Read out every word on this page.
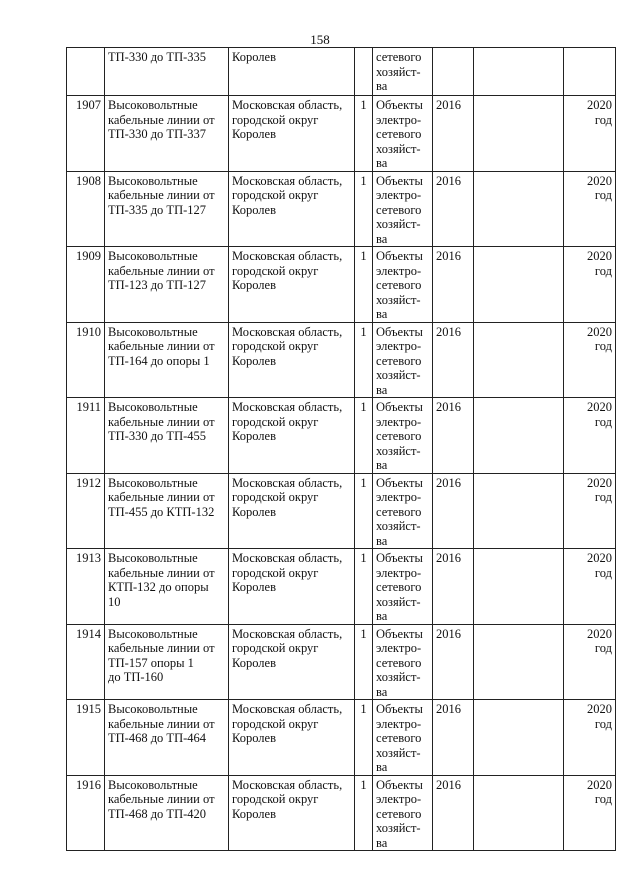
158

	ТП-330 до ТП-335	Королев		сетевого
хозяйст-
ва			

1907	Высоковольтные
кабельные линии от
ТП-330 до ТП-337	Московская область,
городской округ
Королев	1	Объекты
электро-
сетевого
хозяйст-
ва	2016		2020
год

1908	Высоковольтные
кабельные линии от
ТП-335 до ТП-127	Московская область,
городской округ
Королев	1	Объекты
электро-
сетевого
хозяйст-
ва	2016		2020
год

1909	Высоковольтные
кабельные линии от
ТП-123 до ТП-127	Московская область,
городской округ
Королев	1	Объекты
электро-
сетевого
хозяйст-
ва	2016		2020
год

1910	Высоковольтные
кабельные линии от
ТП-164 до опоры 1	Московская область,
городской округ
Королев	1	Объекты
электро-
сетевого
хозяйст-
ва	2016		2020
год

1911	Высоковольтные
кабельные линии от
ТП-330 до ТП-455	Московская область,
городской округ
Королев	1	Объекты
электро-
сетевого
хозяйст-
ва	2016		2020
год

1912	Высоковольтные
кабельные линии от
ТП-455 до КТП-132	Московская область,
городской округ
Королев	1	Объекты
электро-
сетевого
хозяйст-
ва	2016		2020
год

1913	Высоковольтные
кабельные линии от
КТП-132 до опоры
10	Московская область,
городской округ
Королев	1	Объекты
электро-
сетевого
хозяйст-
ва	2016		2020
год

1914	Высоковольтные
кабельные линии от
ТП-157 опоры 1
до ТП-160	Московская область,
городской округ
Королев	1	Объекты
электро-
сетевого
хозяйст-
ва	2016		2020
год

1915	Высоковольтные
кабельные линии от
ТП-468 до ТП-464	Московская область,
городской округ
Королев	1	Объекты
электро-
сетевого
хозяйст-
ва	2016		2020
год

1916	Высоковольтные
кабельные линии от
ТП-468 до ТП-420	Московская область,
городской округ
Королев	1	Объекты
электро-
сетевого
хозяйст-
ва	2016		2020
год
